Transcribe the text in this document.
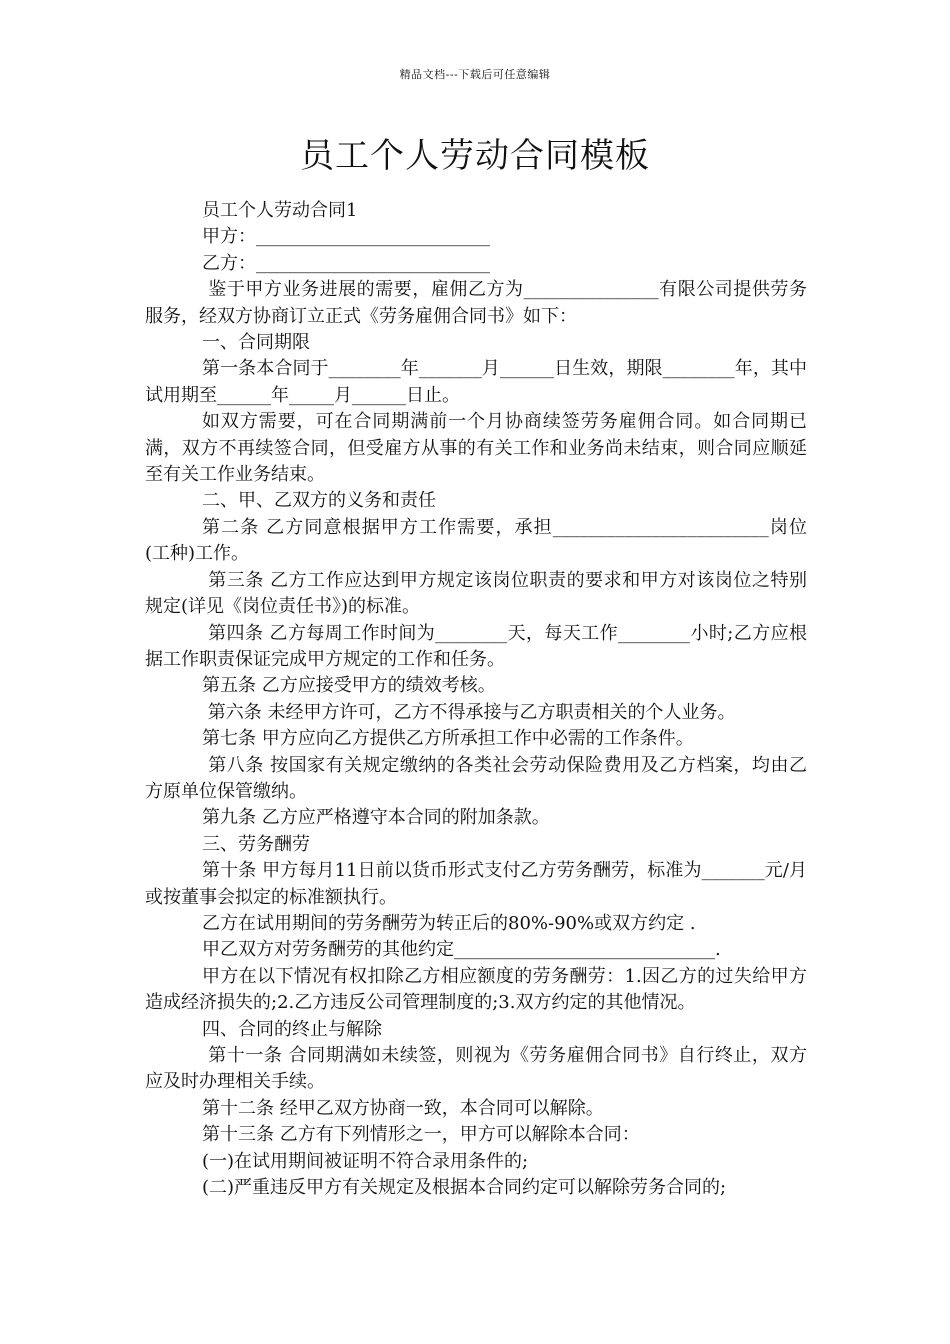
精品文档---下载后可任意编辑
员工个人劳动合同模板

员工个人劳动合同1

甲方：__________________________

乙方：__________________________

鉴于甲方业务进展的需要，雇佣乙方为_______________有限公司提供劳务服务，经双方协商订立正式《劳务雇佣合同书》如下：

一、合同期限

第一条本合同于________年_______月______日生效，期限________年，其中试用期至______年_____月______日止。

如双方需要，可在合同期满前一个月协商续签劳务雇佣合同。如合同期已满，双方不再续签合同，但受雇方从事的有关工作和业务尚未结束，则合同应顺延至有关工作业务结束。

二、甲、乙双方的义务和责任

第二条 乙方同意根据甲方工作需要，承担________________________岗位(工种)工作。

第三条 乙方工作应达到甲方规定该岗位职责的要求和甲方对该岗位之特别规定(详见《岗位责任书》)的标准。

第四条 乙方每周工作时间为________天，每天工作________小时;乙方应根据工作职责保证完成甲方规定的工作和任务。

第五条 乙方应接受甲方的绩效考核。

第六条 未经甲方许可，乙方不得承接与乙方职责相关的个人业务。

第七条 甲方应向乙方提供乙方所承担工作中必需的工作条件。

第八条 按国家有关规定缴纳的各类社会劳动保险费用及乙方档案，均由乙方原单位保管缴纳。

第九条 乙方应严格遵守本合同的附加条款。

三、劳务酬劳

第十条 甲方每月11日前以货币形式支付乙方劳务酬劳，标准为_______元/月或按董事会拟定的标准额执行。

乙方在试用期间的劳务酬劳为转正后的80%-90%或双方约定 .

甲乙双方对劳务酬劳的其他约定_____________________________.

甲方在以下情况有权扣除乙方相应额度的劳务酬劳：1.因乙方的过失给甲方造成经济损失的;2.乙方违反公司管理制度的;3.双方约定的其他情况。

四、合同的终止与解除

第十一条 合同期满如未续签，则视为《劳务雇佣合同书》自行终止，双方应及时办理相关手续。

第十二条 经甲乙双方协商一致，本合同可以解除。

第十三条 乙方有下列情形之一，甲方可以解除本合同：

(一)在试用期间被证明不符合录用条件的;

(二)严重违反甲方有关规定及根据本合同约定可以解除劳务合同的;
